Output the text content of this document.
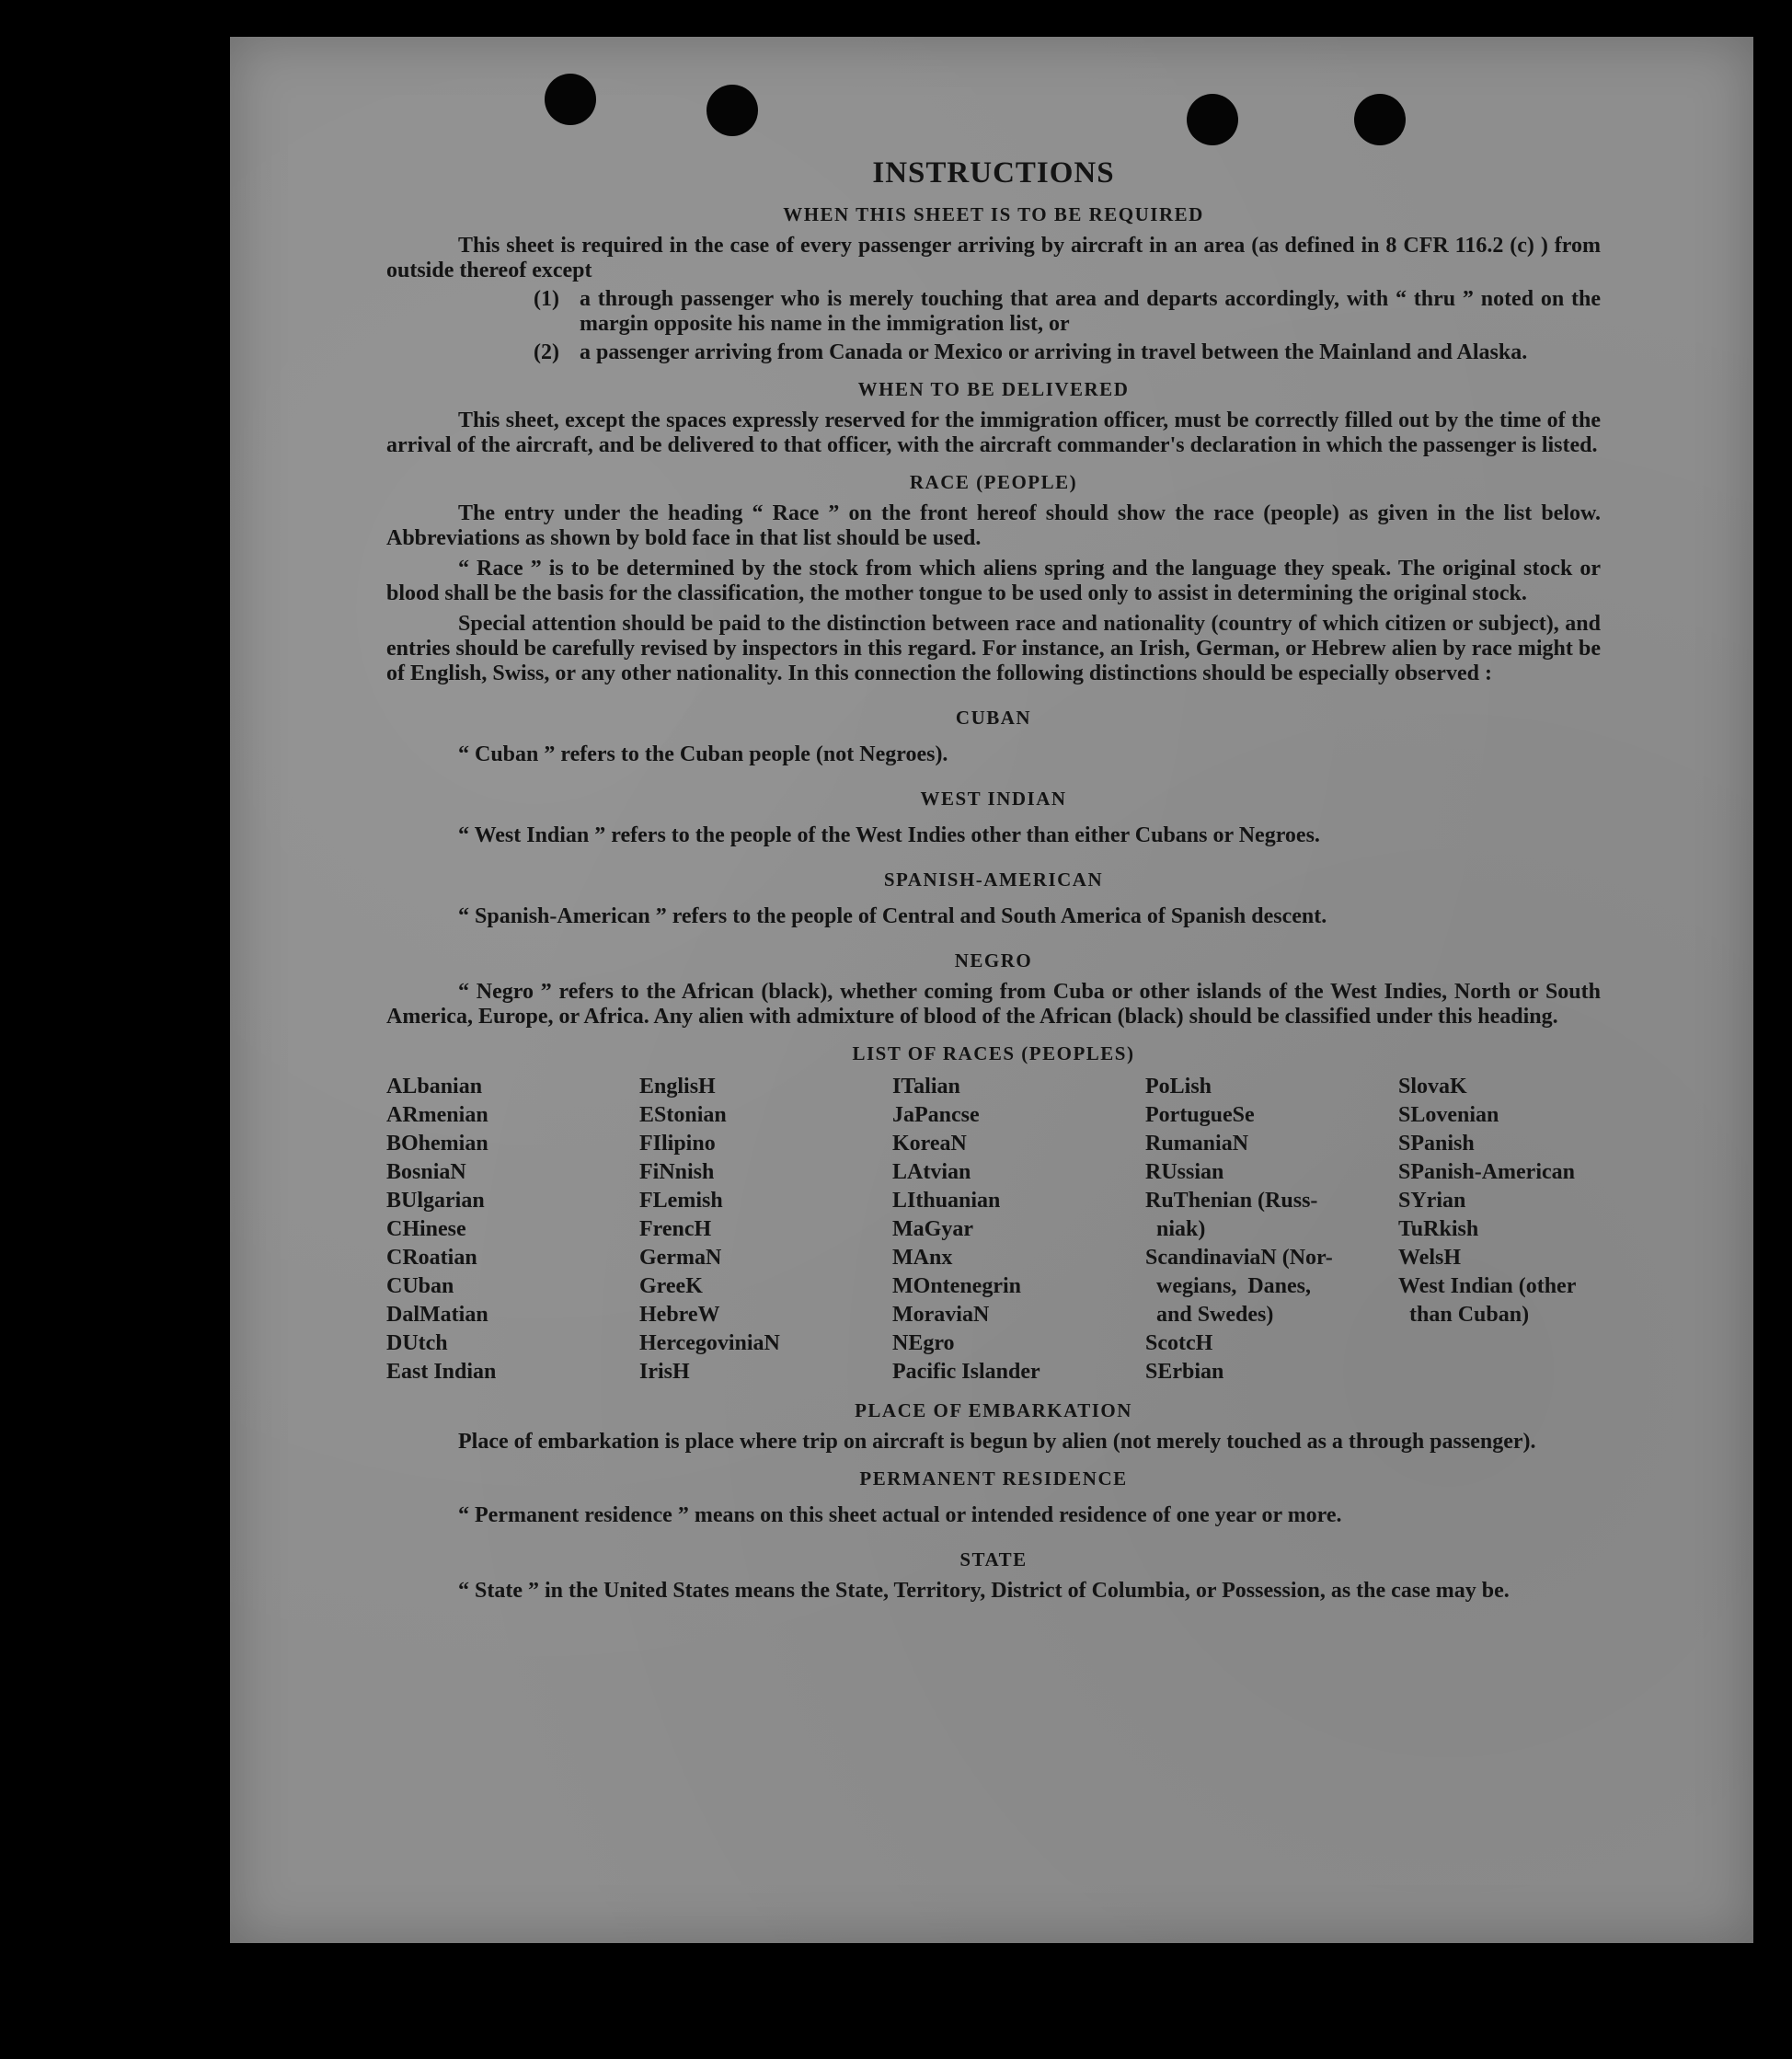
INSTRUCTIONS
WHEN THIS SHEET IS TO BE REQUIRED

This sheet is required in the case of every passenger arriving by aircraft in an area (as defined in 8 CFR 116.2 (c) ) from outside thereof except

(1) a through passenger who is merely touching that area and departs accordingly, with “ thru ” noted on the margin opposite his name in the immigration list, or
(2) a passenger arriving from Canada or Mexico or arriving in travel between the Mainland and Alaska.
WHEN TO BE DELIVERED

This sheet, except the spaces expressly reserved for the immigration officer, must be correctly filled out by the time of the arrival of the aircraft, and be delivered to that officer, with the aircraft commander's declaration in which the passenger is listed.

RACE (PEOPLE)

The entry under the heading “ Race ” on the front hereof should show the race (people) as given in the list below. Abbreviations as shown by bold face in that list should be used.

“ Race ” is to be determined by the stock from which aliens spring and the language they speak. The original stock or blood shall be the basis for the classification, the mother tongue to be used only to assist in determining the original stock.

Special attention should be paid to the distinction between race and nationality (country of which citizen or subject), and entries should be carefully revised by inspectors in this regard. For instance, an Irish, German, or Hebrew alien by race might be of English, Swiss, or any other nationality. In this connection the following distinctions should be especially observed :

CUBAN

“ Cuban ” refers to the Cuban people (not Negroes).

WEST INDIAN

“ West Indian ” refers to the people of the West Indies other than either Cubans or Negroes.

SPANISH-AMERICAN

“ Spanish-American ” refers to the people of Central and South America of Spanish descent.

NEGRO

“ Negro ” refers to the African (black), whether coming from Cuba or other islands of the West Indies, North or South America, Europe, or Africa. Any alien with admixture of blood of the African (black) should be classified under this heading.

LIST OF RACES (PEOPLES)
ALbanian
ARmenian
BOhemian
BosniaN
BUlgarian
CHinese
CRoatian
CUban
DalMatian
DUtch
East Indian
EnglisH
EStonian
FIlipino
FiNnish
FLemish
FrencH
GermaN
GreeK
HebreW
HercegoviniaN
IrisH
ITalian
JaPancse
KoreaN
LAtvian
LIthuanian
MaGyar
MAnx
MOntenegrin
MoraviaN
NEgro
Pacific Islander
PoLish
PortugueSe
RumaniaN
RUssian
RuThenian (Russ-
niak)
ScandinaviaN (Nor-
wegians,  Danes,
and Swedes)
ScotcH
SErbian
SlovaK
SLovenian
SPanish
SPanish-American
SYrian
TuRkish
WelsH
West Indian (other
than Cuban)
PLACE OF EMBARKATION

Place of embarkation is place where trip on aircraft is begun by alien (not merely touched as a through passenger).

PERMANENT RESIDENCE

“ Permanent residence ” means on this sheet actual or intended residence of one year or more.

STATE

“ State ” in the United States means the State, Territory, District of Columbia, or Possession, as the case may be.
